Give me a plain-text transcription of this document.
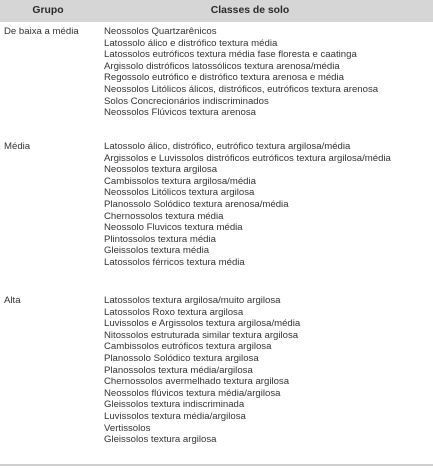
Grupo	Classes de solo
De baixa a média	Neossolos Quartzarênicos
Latossolo álico e distrófico textura média
Latossolos eutróficos textura média fase floresta e caatinga
Argissolo distróficos latossólicos textura arenosa/média
Regossolo eutrófico e distrófico textura arenosa e média
Neossolos Litólicos álicos, distróficos, eutróficos textura arenosa
Solos Concrecionários indiscriminados
Neossolos Flúvicos textura arenosa
Média	Latossolo álico, distrófico, eutrófico textura argilosa/média
Argissolos e Luvissolos distróficos eutróficos textura argilosa/média
Neossolos textura argilosa
Cambissolos textura argilosa/média
Neossolos Litólicos textura argilosa
Planossolo Solódico textura arenosa/média
Chernossolos textura média
Neossolo Fluvicos textura média
Plintossolos textura média
Gleissolos textura média
Latossolos férricos textura média
Alta	Latossolos textura argilosa/muito argilosa
Latossolos Roxo textura argilosa
Luvissolos e Argissolos textura argilosa/média
Nitossolos estruturada similar textura argilosa
Cambissolos eutróficos textura argilosa
Planossolo Solódico textura argilosa
Planossolos textura média/argilosa
Chernossolos avermelhado textura argilosa
Neossolos flúvicos textura média/argilosa
Gleissolos textura indiscriminada
Luvissolos textura média/argilosa
Vertissolos
Gleissolos textura argilosa
